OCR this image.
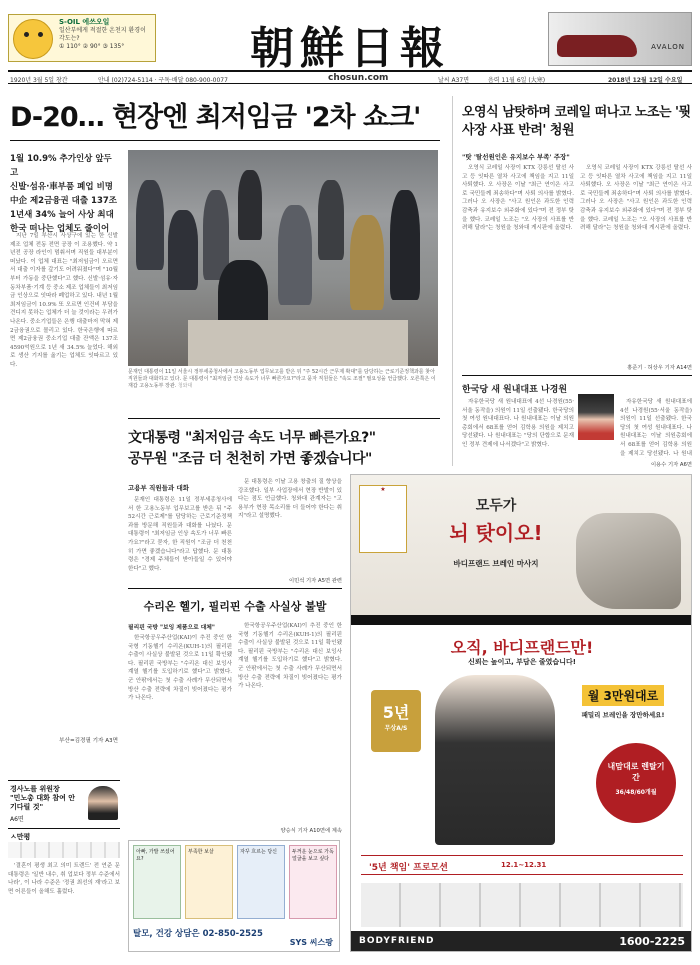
S-OIL 에쓰오일
일산부에게 적절한 온천지 환경이 각도는?
① 110° ② 90° ③ 135°	朝鮮日報	AVALON
1920년 3월 5일 창간	안내 (02)724-5114 · 구독·배달 080-900-0077	chosun.com	날씨 A37면	음력 11월 6일 (大寒)	2018년 12월 12일 수요일
D-20… 현장엔 최저임금 '2차 쇼크'
1월 10.9% 추가인상 앞두고
신발·섬유·車부품 폐업 비명
中企 제2금융권 대출 137조
1년새 34% 늘어 사상 최대
한국 떠나는 업체도 줄이어

지난 7일 부산시 사상구에 있는 한 신발 제조 업체 전동 전면 공장 이 조용했다. 약 1년전 공장 라인이 멈춰서며 직원들 대부분이 떠났다. 이 업체 대표는 "최저임금이 오르면서 대출 이자를 갚기도 어려워졌다"며 "10월부터 가동을 중단했다"고 했다. 신발·섬유·자동차부품·기계 등 중소 제조 업체들이 최저임금 인상으로 잇따라 폐업하고 있다. 내년 1월 최저임금이 10.9% 또 오르면 인건비 부담을 견디지 못하는 업체가 더 늘 것이라는 우려가 나온다. 중소기업들은 은행 대출마저 막혀 제2금융권으로 몰리고 있다. 한국은행에 따르면 제2금융권 중소기업 대출 잔액은 137조 4590억원으로 1년 새 34.5% 늘었다. 해외로 생산 기지를 옮기는 업체도 잇따르고 있다.

부산=김경필 기자 A3면
문재인 대통령이 11일 서울시 정부세종청사에서 고용노동부 업무보고를 받은 뒤 "주 52시간 근무제 확대"를 담당하는 근로기준정책과를 찾아 직원들과 대화하고 있다. 문 대통령이 "최저임금 인상 속도가 너무 빠른가요?"라고 묻자 직원들은 "속도 조절" 필요성을 언급했다. 오른쪽은 이재갑 고용노동부 장관. 청와대
文대통령 "최저임금 속도 너무 빠른가요?"
공무원 "조금 더 천천히 가면 좋겠습니다"
고용부 직원들과 대화

문재인 대통령은 11일 정부세종청사에서 한 고용노동부 업무보고를 받은 뒤 "주 52시간 근로제"를 담당하는 근로기준정책과를 방문해 직원들과 대화를 나눴다. 문 대통령이 "최저임금 인상 속도가 너무 빠른가요?"라고 묻자, 한 직원이 "조금 더 천천히 가면 좋겠습니다"라고 답했다. 문 대통령은 "경제 주체들이 받아들일 수 있어야 한다"고 했다.

문 대통령은 이날 고용 창출의 질 향상을 강조했다. 일부 사업장에서 현장 반발이 있다는 점도 언급했다. 청와대 관계자는 "고용부가 현장 목소리를 더 들어야 한다는 취지"라고 설명했다.

이민석 기자 A5면 관련
수리온 헬기, 필리핀 수출 사실상 불발
필리핀 국방 "보잉 제품으로 대체"

한국항공우주산업(KAI)이 추진 중인 한국형 기동헬기 수리온(KUH-1)의 필리핀 수출이 사실상 불발된 것으로 11일 확인됐다. 필리핀 국방부는 "수리온 대신 보잉사 계열 헬기를 도입하기로 했다"고 밝혔다. 군 안팎에서는 첫 수출 사례가 무산되면서 방산 수출 전략에 차질이 빚어졌다는 평가가 나온다.

한국항공우주산업(KAI)이 추진 중인 한국형 기동헬기 수리온(KUH-1)의 필리핀 수출이 사실상 불발된 것으로 11일 확인됐다. 필리핀 국방부는 "수리온 대신 보잉사 계열 헬기를 도입하기로 했다"고 밝혔다. 군 안팎에서는 첫 수출 사례가 무산되면서 방산 수출 전략에 차질이 빚어졌다는 평가가 나온다.

양승식 기자 A10면에 계속
오영식 남탓하며 코레일 떠나고 노조는 '뭣사장 사표 반려' 청원
"탓 '탈선원인은 유지보수 부족' 주장"

오영식 코레일 사장이 KTX 강릉선 탈선 사고 등 잇따른 열차 사고에 책임을 지고 11일 사퇴했다. 오 사장은 이날 "최근 연이은 사고로 국민들께 죄송하다"며 사퇴 의사를 밝혔다. 그러나 오 사장은 "사고 원인은 과도한 인력 감축과 유지보수 외주화에 있다"며 전 정부 탓을 했다. 코레일 노조는 "오 사장의 사표를 반려해 달라"는 청원을 청와대 게시판에 올렸다.

오영식 코레일 사장이 KTX 강릉선 탈선 사고 등 잇따른 열차 사고에 책임을 지고 11일 사퇴했다. 오 사장은 이날 "최근 연이은 사고로 국민들께 죄송하다"며 사퇴 의사를 밝혔다. 그러나 오 사장은 "사고 원인은 과도한 인력 감축과 유지보수 외주화에 있다"며 전 정부 탓을 했다. 코레일 노조는 "오 사장의 사표를 반려해 달라"는 청원을 청와대 게시판에 올렸다.

홍준기 · 허상우 기자 A14면
한국당 새 원내대표 나경원

자유한국당 새 원내대표에 4선 나경원(55·서울 동작을) 의원이 11일 선출됐다. 한국당의 첫 여성 원내대표다. 나 원내대표는 이날 의원총회에서 68표를 얻어 김학용 의원을 제치고 당선됐다. 나 원내대표는 "당의 단합으로 문재인 정부 견제에 나서겠다"고 밝혔다.

자유한국당 새 원내대표에 4선 나경원(55·서울 동작을) 의원이 11일 선출됐다. 한국당의 첫 여성 원내대표다. 나 원내대표는 이날 의원총회에서 68표를 얻어 김학용 의원을 제치고 당선됐다. 나 원내

이용수 기자 A6면
★
모두가
뇌 탓이오!
바디프랜드 브레인 마사지
오직, 바디프랜드만!
신뢰는 높이고, 부담은 줄였습니다!
5년
무상A/S
월 3만원대로
패밀리 브레인을 장만하세요!
내맘대로 렌탈기간
36/48/60개월
'5년 책임' 프로모션	12.1~12.31
BODYFRIEND	1600-2225
경사노를 위원장
"민노총 대화 참여 안 기다릴 것"
A6면
ㅅ만평

'결혼이 평생 최고 의미 트렌드' 전 연준 문 대통령은 '일반 내수, 취 업보다 정부 수준에서 나라', 이 나라 수준은 '정권 최선의 재'라고 보면 어른들이 올해도 흘렀다.

아빠, 가발 쓰셨어요?
부족한 보살	자꾸 흐르는 당신	두꺼운 눈으로 가독 얼굴을 보고 싶다
탈모, 건강 상담은 02-850-2525
SYS 씨스팡
